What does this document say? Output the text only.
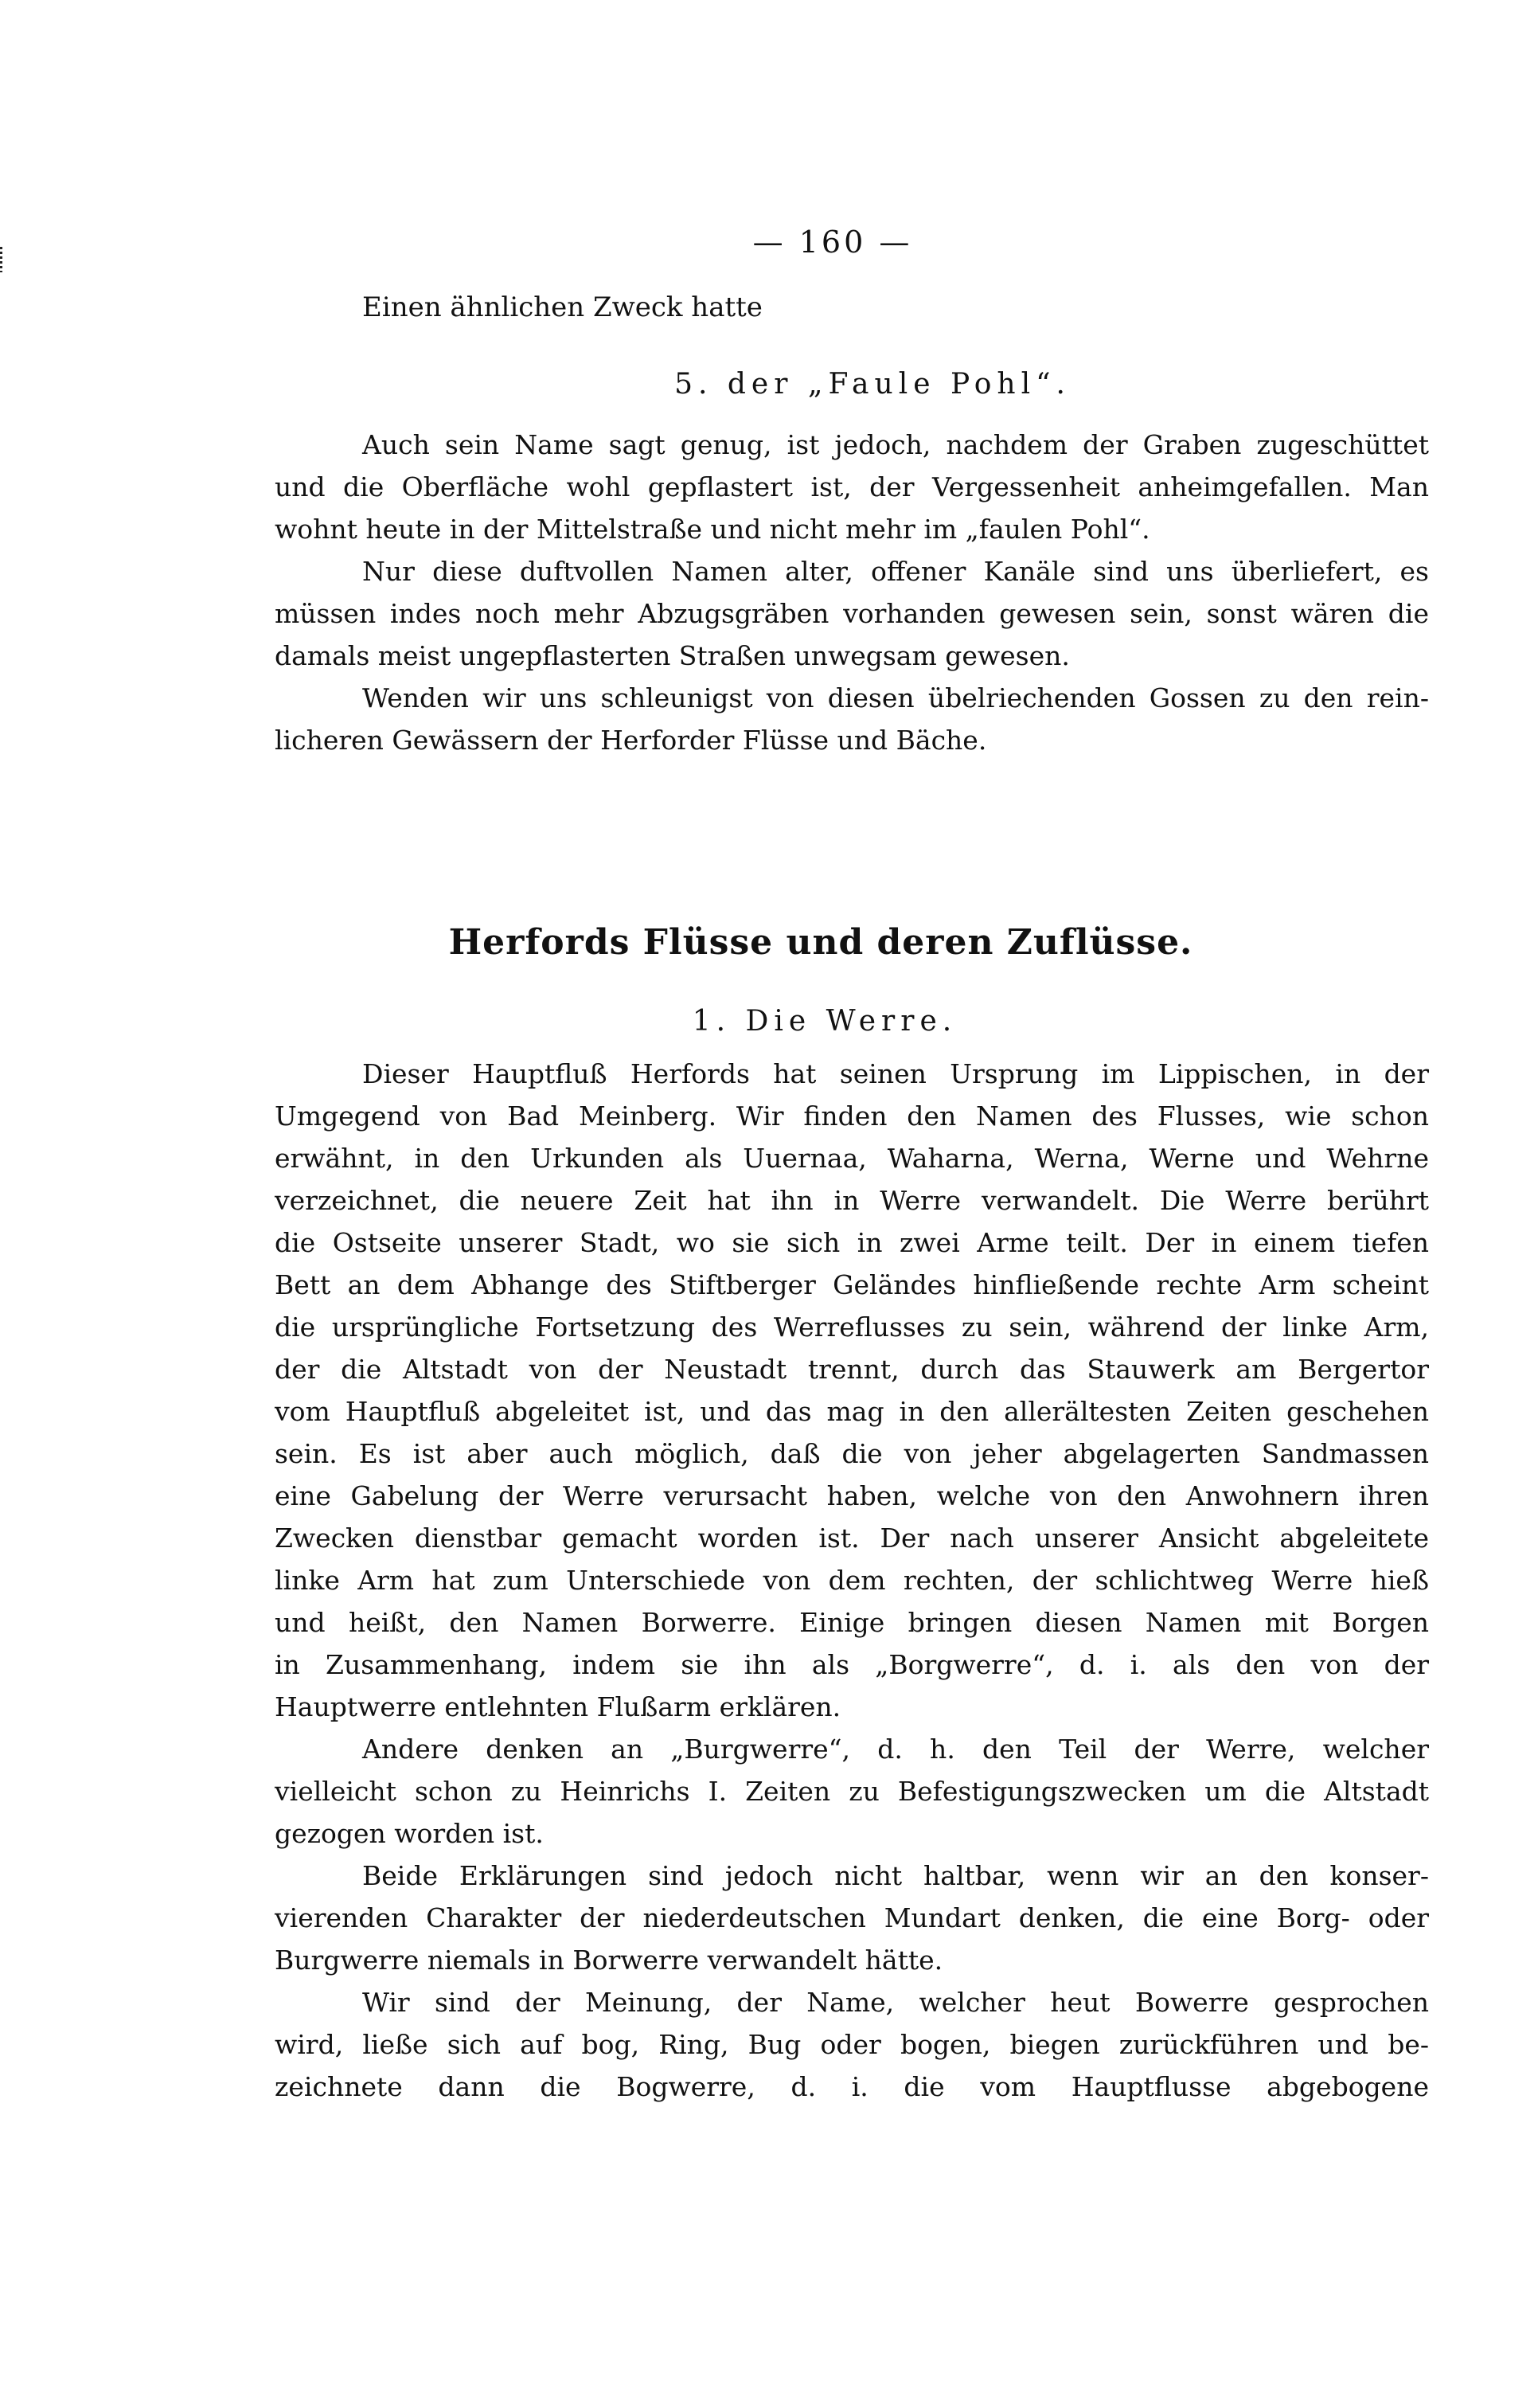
— 160 —
Einen ähnlichen Zweck hatte
5. der „Faule Pohl“.
Auch sein Name sagt genug, ist jedoch, nachdem der Graben zugeschüttet
und die Oberfläche wohl gepflastert ist, der Vergessenheit anheimgefallen. Man
wohnt heute in der Mittelstraße und nicht mehr im „faulen Pohl“.
Nur diese duftvollen Namen alter, offener Kanäle sind uns überliefert, es
müssen indes noch mehr Abzugsgräben vorhanden gewesen sein, sonst wären die
damals meist ungepflasterten Straßen unwegsam gewesen.
Wenden wir uns schleunigst von diesen übelriechenden Gossen zu den rein-
licheren Gewässern der Herforder Flüsse und Bäche.
Herfords Flüsse und deren Zuflüsse.
1. Die Werre.
Dieser Hauptfluß Herfords hat seinen Ursprung im Lippischen, in der
Umgegend von Bad Meinberg. Wir finden den Namen des Flusses, wie schon
erwähnt, in den Urkunden als Uuernaa, Waharna, Werna, Werne und Wehrne
verzeichnet, die neuere Zeit hat ihn in Werre verwandelt. Die Werre berührt
die Ostseite unserer Stadt, wo sie sich in zwei Arme teilt. Der in einem tiefen
Bett an dem Abhange des Stiftberger Geländes hinfließende rechte Arm scheint
die ursprüngliche Fortsetzung des Werreflusses zu sein, während der linke Arm,
der die Altstadt von der Neustadt trennt, durch das Stauwerk am Bergertor
vom Hauptfluß abgeleitet ist, und das mag in den allerältesten Zeiten geschehen
sein. Es ist aber auch möglich, daß die von jeher abgelagerten Sandmassen
eine Gabelung der Werre verursacht haben, welche von den Anwohnern ihren
Zwecken dienstbar gemacht worden ist. Der nach unserer Ansicht abgeleitete
linke Arm hat zum Unterschiede von dem rechten, der schlichtweg Werre hieß
und heißt, den Namen Borwerre. Einige bringen diesen Namen mit Borgen
in Zusammenhang, indem sie ihn als „Borgwerre“, d. i. als den von der
Hauptwerre entlehnten Flußarm erklären.
Andere denken an „Burgwerre“, d. h. den Teil der Werre, welcher
vielleicht schon zu Heinrichs I. Zeiten zu Befestigungszwecken um die Altstadt
gezogen worden ist.
Beide Erklärungen sind jedoch nicht haltbar, wenn wir an den konser-
vierenden Charakter der niederdeutschen Mundart denken, die eine Borg- oder
Burgwerre niemals in Borwerre verwandelt hätte.
Wir sind der Meinung, der Name, welcher heut Bowerre gesprochen
wird, ließe sich auf bog, Ring, Bug oder bogen, biegen zurückführen und be-
zeichnete dann die Bogwerre, d. i. die vom Hauptflusse abgebogene
